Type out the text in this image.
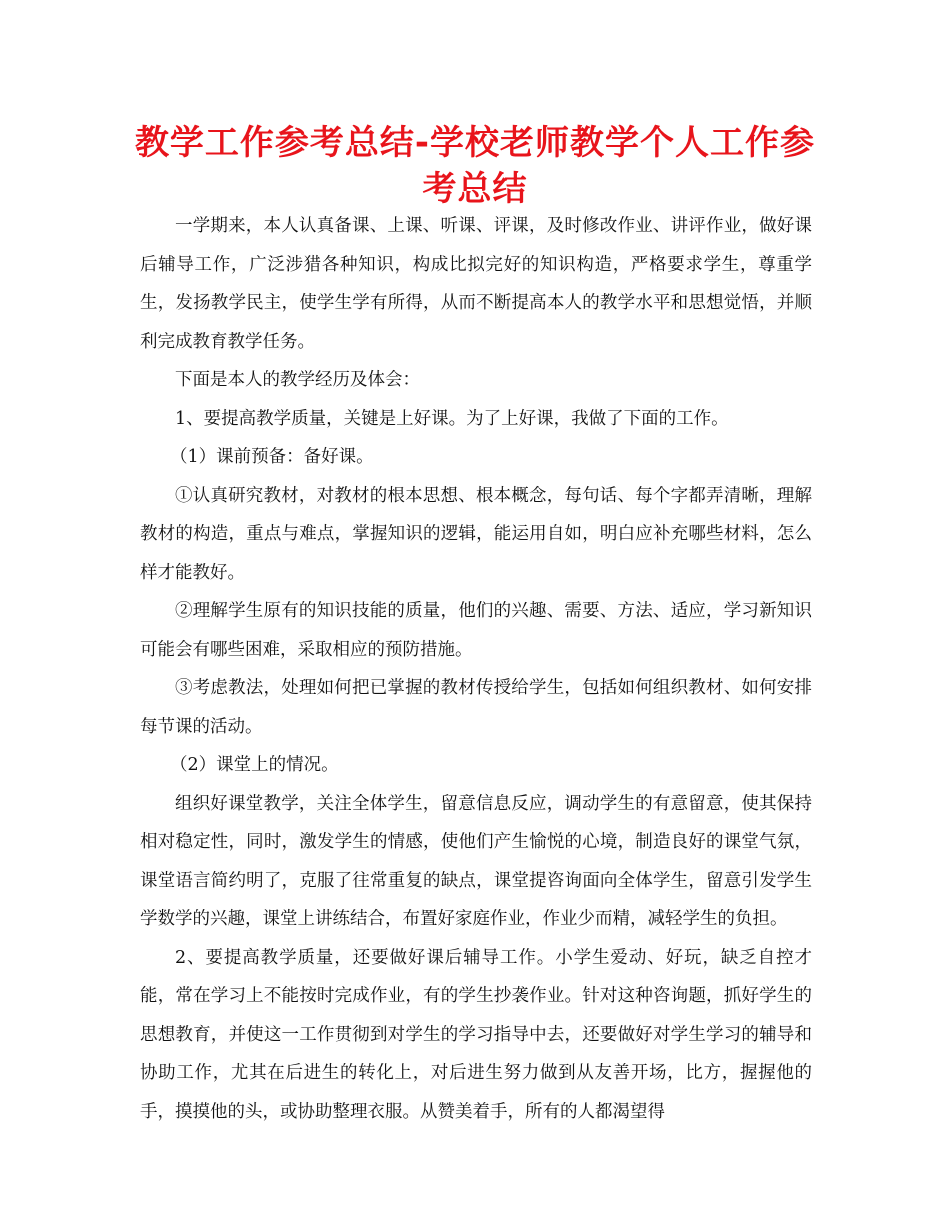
教学工作参考总结-学校老师教学个人工作参考总结

一学期来，本人认真备课、上课、听课、评课，及时修改作业、讲评作业，做好课后辅导工作，广泛涉猎各种知识，构成比拟完好的知识构造，严格要求学生，尊重学生，发扬教学民主，使学生学有所得，从而不断提高本人的教学水平和思想觉悟，并顺利完成教育教学任务。

下面是本人的教学经历及体会：

1、要提高教学质量，关键是上好课。为了上好课，我做了下面的工作。

（1）课前预备：备好课。

①认真研究教材，对教材的根本思想、根本概念，每句话、每个字都弄清晰，理解教材的构造，重点与难点，掌握知识的逻辑，能运用自如，明白应补充哪些材料，怎么样才能教好。

②理解学生原有的知识技能的质量，他们的兴趣、需要、方法、适应，学习新知识可能会有哪些困难，采取相应的预防措施。

③考虑教法，处理如何把已掌握的教材传授给学生，包括如何组织教材、如何安排每节课的活动。

（2）课堂上的情况。

组织好课堂教学，关注全体学生，留意信息反应，调动学生的有意留意，使其保持相对稳定性，同时，激发学生的情感，使他们产生愉悦的心境，制造良好的课堂气氛，课堂语言简约明了，克服了往常重复的缺点，课堂提咨询面向全体学生，留意引发学生学数学的兴趣，课堂上讲练结合，布置好家庭作业，作业少而精，减轻学生的负担。

2、要提高教学质量，还要做好课后辅导工作。小学生爱动、好玩，缺乏自控才能，常在学习上不能按时完成作业，有的学生抄袭作业。针对这种咨询题，抓好学生的思想教育，并使这一工作贯彻到对学生的学习指导中去，还要做好对学生学习的辅导和协助工作，尤其在后进生的转化上，对后进生努力做到从友善开场，比方，握握他的手，摸摸他的头，或协助整理衣服。从赞美着手，所有的人都渴望得
